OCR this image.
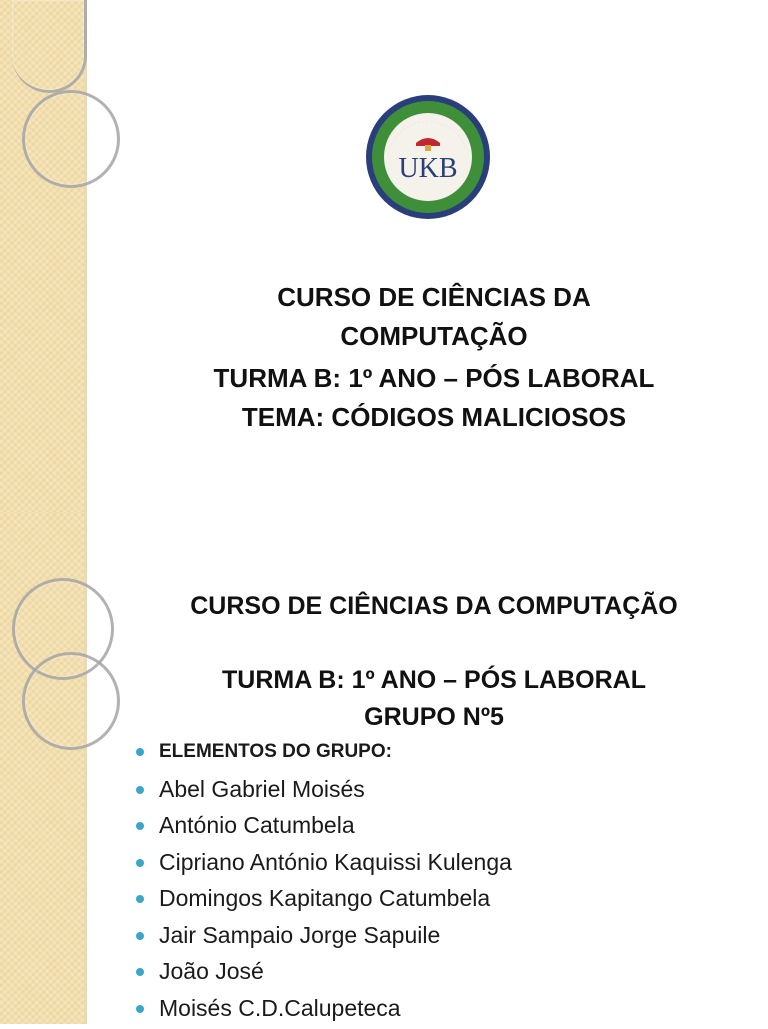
UKB
CURSO DE CIÊNCIAS DA
COMPUTAÇÃO
TURMA B: 1º ANO – PÓS LABORAL
TEMA: CÓDIGOS MALICIOSOS
CURSO DE CIÊNCIAS DA COMPUTAÇÃO
TURMA B: 1º ANO – PÓS LABORAL
GRUPO Nº5
ELEMENTOS DO GRUPO:
Abel Gabriel Moisés
António Catumbela
Cipriano António Kaquissi Kulenga
Domingos Kapitango Catumbela
Jair Sampaio Jorge Sapuile
João José
Moisés C.D.Calupeteca
